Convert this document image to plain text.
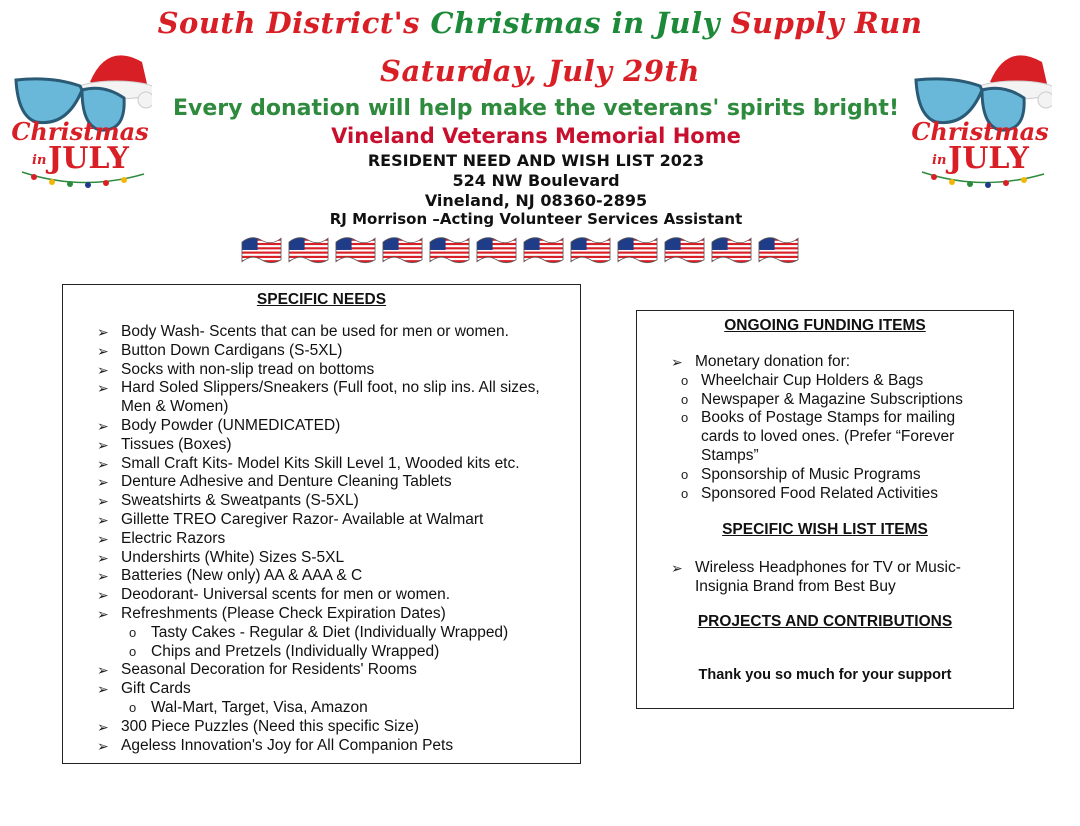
South District's Christmas in July Supply Run
Saturday, July 29th
Every donation will help make the veterans' spirits bright!
Vineland Veterans Memorial Home
RESIDENT NEED AND WISH LIST 2023
524 NW Boulevard
Vineland, NJ 08360-2895
RJ Morrison –Acting Volunteer Services Assistant
Christmas
in JULY
Christmas
in JULY
SPECIFIC NEEDS
➢ Body Wash- Scents that can be used for men or women.
➢ Button Down Cardigans (S-5XL)
➢ Socks with non-slip tread on bottoms
➢ Hard Soled Slippers/Sneakers (Full foot, no slip ins. All sizes,
Men & Women)
➢ Body Powder (UNMEDICATED)
➢ Tissues (Boxes)
➢ Small Craft Kits- Model Kits Skill Level 1, Wooded kits etc.
➢ Denture Adhesive and Denture Cleaning Tablets
➢ Sweatshirts & Sweatpants (S-5XL)
➢ Gillette TREO Caregiver Razor- Available at Walmart
➢ Electric Razors
➢ Undershirts (White) Sizes S-5XL
➢ Batteries (New only) AA & AAA & C
➢ Deodorant- Universal scents for men or women.
➢ Refreshments (Please Check Expiration Dates)
o Tasty Cakes - Regular & Diet (Individually Wrapped)
o Chips and Pretzels (Individually Wrapped)
➢ Seasonal Decoration for Residents' Rooms
➢ Gift Cards
o Wal-Mart, Target, Visa, Amazon
➢ 300 Piece Puzzles (Need this specific Size)
➢ Ageless Innovation's Joy for All Companion Pets
ONGOING FUNDING ITEMS
➢ Monetary donation for:
o Wheelchair Cup Holders & Bags
o Newspaper & Magazine Subscriptions
o Books of Postage Stamps for mailing
cards to loved ones. (Prefer “Forever
Stamps”
o Sponsorship of Music Programs
o Sponsored Food Related Activities
SPECIFIC WISH LIST ITEMS
➢ Wireless Headphones for TV or Music-
Insignia Brand from Best Buy
PROJECTS AND CONTRIBUTIONS
Thank you so much for your support
